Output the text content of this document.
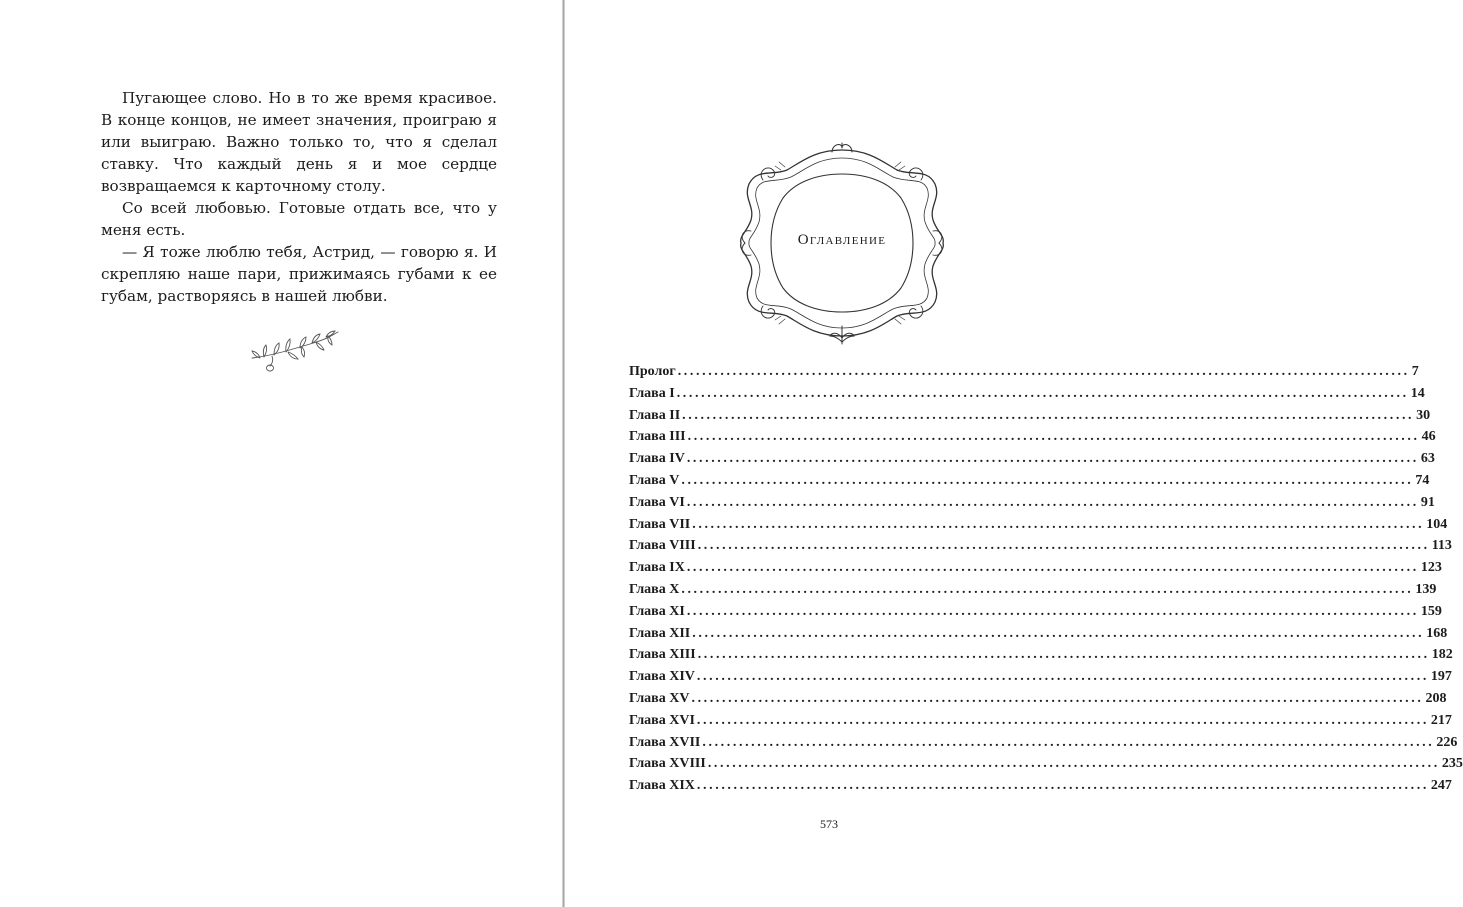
Пугающее слово. Но в то же время красивое. В конце концов, не имеет значения, проиграю я или выиграю. Важно только то, что я сделал ставку. Что каждый день я и мое сердце возвращаемся к карточному столу.

Со всей любовью. Готовые отдать все, что у меня есть.

— Я тоже люблю тебя, Астрид, — говорю я. И скрепляю наше пари, прижимаясь губами к ее губам, растворяясь в нашей любви.

Оглавление
Пролог ........................................................................................................................ 7
Глава I ........................................................................................................................ 14
Глава II ........................................................................................................................ 30
Глава III ........................................................................................................................ 46
Глава IV ........................................................................................................................ 63
Глава V ........................................................................................................................ 74
Глава VI ........................................................................................................................ 91
Глава VII ........................................................................................................................ 104
Глава VIII ........................................................................................................................ 113
Глава IX ........................................................................................................................ 123
Глава X ........................................................................................................................ 139
Глава XI ........................................................................................................................ 159
Глава XII ........................................................................................................................ 168
Глава XIII ........................................................................................................................ 182
Глава XIV ........................................................................................................................ 197
Глава XV ........................................................................................................................ 208
Глава XVI ........................................................................................................................ 217
Глава XVII ........................................................................................................................ 226
Глава XVIII ........................................................................................................................ 235
Глава XIX ........................................................................................................................ 247
573
